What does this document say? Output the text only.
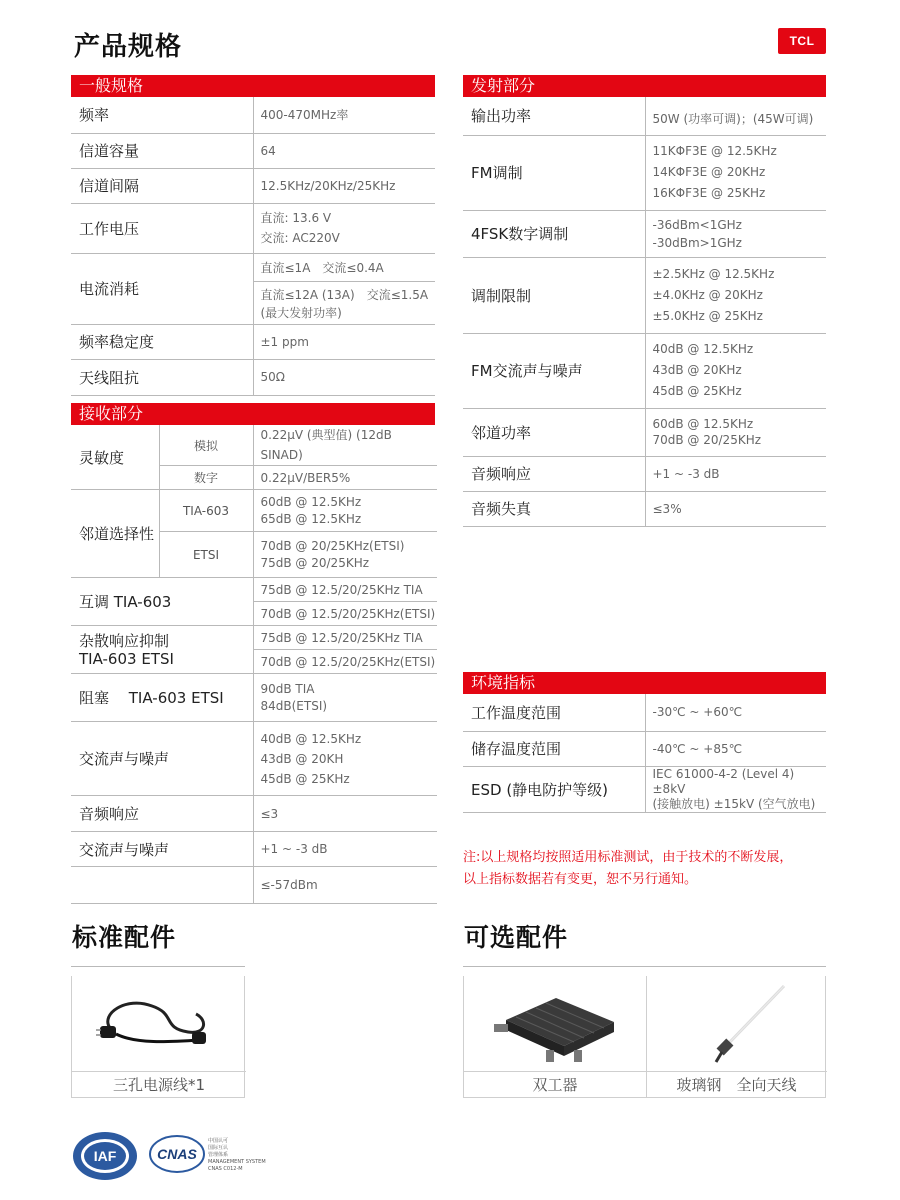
产品规格	TCL
一般规格
频率	400-470MHz率
信道容量	64
信道间隔	12.5KHz/20KHz/25KHz
工作电压	直流: 13.6 V
交流: AC220V

电流消耗	直流≤1A　交流≤0.4A
直流≤12A (13A)　交流≤1.5A
(最大发射功率)

频率稳定度	±1 ppm
天线阻抗	50Ω
接收部分
灵敏度	模拟	0.22μV (典型值) (12dB SINAD)
	数字	0.22μV/BER5%
邻道选择性	TIA-603	60dB @ 12.5KHz
65dB @ 12.5KHz

	ETSI	70dB @ 20/25KHz(ETSI)
75dB @ 20/25KHz

互调 TIA-603		75dB @ 12.5/20/25KHz TIA
		70dB @ 12.5/20/25KHz(ETSI)

杂散响应抑制
TIA-603 ETSI		75dB @ 12.5/20/25KHz TIA
		70dB @ 12.5/20/25KHz(ETSI)
阻塞　 TIA-603 ETSI		90dB TIA
84dB(ETSI)

交流声与噪声		40dB @ 12.5KHz
43dB @ 20KH
45dB @ 25KHz

音频响应		≤3
交流声与噪声		+1 ~ -3 dB
		≤-57dBm
发射部分
输出功率	50W (功率可调)；(45W可调)
FM调制	11KΦF3E @ 12.5KHz
14KΦF3E @ 20KHz
16KΦF3E @ 25KHz

4FSK数字调制	-36dBm<1GHz
-30dBm>1GHz

调制限制	±2.5KHz @ 12.5KHz
±4.0KHz @ 20KHz
±5.0KHz @ 25KHz

FM交流声与噪声	40dB @ 12.5KHz
43dB @ 20KHz
45dB @ 25KHz

邻道功率	60dB @ 12.5KHz
70dB @ 20/25KHz

音频响应	+1 ~ -3 dB
音频失真	≤3%
环境指标
工作温度范围	-30℃ ~ +60℃
储存温度范围	-40℃ ~ +85℃
ESD (静电防护等级)	IEC 61000-4-2 (Level 4) ±8kV
(接触放电) ±15kV (空气放电)
注:以上规格均按照适用标准测试，由于技术的不断发展，
以上指标数据若有变更，恕不另行通知。
标准配件
三孔电源线*1
可选配件
双工器	玻璃钢　全向天线
IAF	CNAS
中国认可
国际互认
管理体系
MANAGEMENT SYSTEM
CNAS C012-M
